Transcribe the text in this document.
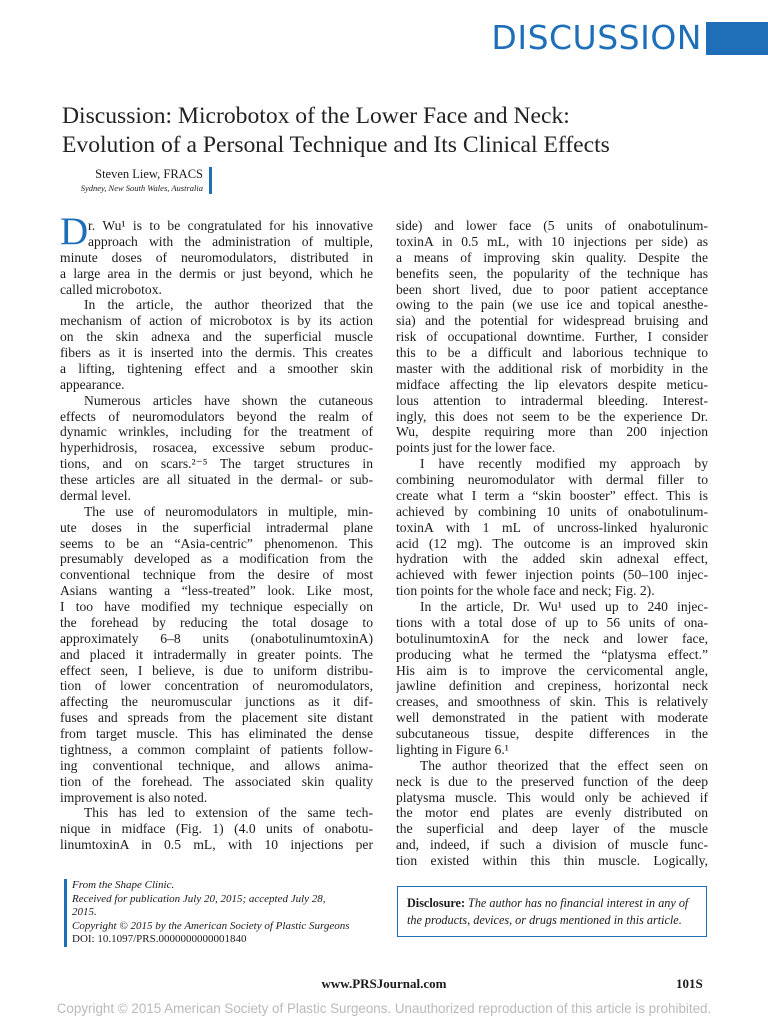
DISCUSSION
Discussion: Microbotox of the Lower Face and Neck:
Evolution of a Personal Technique and Its Clinical Effects
Steven Liew, FRACS
Sydney, New South Wales, Australia
D r. Wu¹ is to be congratulated for his innovative
approach with the administration of multiple,
minute doses of neuromodulators, distributed in
a large area in the dermis or just beyond, which he
called microbotox.
In the article, the author theorized that the
mechanism of action of microbotox is by its action
on the skin adnexa and the superficial muscle
fibers as it is inserted into the dermis. This creates
a lifting, tightening effect and a smoother skin
appearance.
Numerous articles have shown the cutaneous
effects of neuromodulators beyond the realm of
dynamic wrinkles, including for the treatment of
hyperhidrosis, rosacea, excessive sebum produc-
tions, and on scars.²⁻⁵ The target structures in
these articles are all situated in the dermal- or sub-
dermal level.
The use of neuromodulators in multiple, min-
ute doses in the superficial intradermal plane
seems to be an “Asia-centric” phenomenon. This
presumably developed as a modification from the
conventional technique from the desire of most
Asians wanting a “less-treated” look. Like most,
I too have modified my technique especially on
the forehead by reducing the total dosage to
approximately 6–8 units (onabotulinumtoxinA)
and placed it intradermally in greater points. The
effect seen, I believe, is due to uniform distribu-
tion of lower concentration of neuromodulators,
affecting the neuromuscular junctions as it dif-
fuses and spreads from the placement site distant
from target muscle. This has eliminated the dense
tightness, a common complaint of patients follow-
ing conventional technique, and allows anima-
tion of the forehead. The associated skin quality
improvement is also noted.
This has led to extension of the same tech-
nique in midface (Fig. 1) (4.0 units of onabotu-
linumtoxinA in 0.5 mL, with 10 injections per
side) and lower face (5 units of onabotulinum-
toxinA in 0.5 mL, with 10 injections per side) as
a means of improving skin quality. Despite the
benefits seen, the popularity of the technique has
been short lived, due to poor patient acceptance
owing to the pain (we use ice and topical anesthe-
sia) and the potential for widespread bruising and
risk of occupational downtime. Further, I consider
this to be a difficult and laborious technique to
master with the additional risk of morbidity in the
midface affecting the lip elevators despite meticu-
lous attention to intradermal bleeding. Interest-
ingly, this does not seem to be the experience Dr.
Wu, despite requiring more than 200 injection
points just for the lower face.
I have recently modified my approach by
combining neuromodulator with dermal filler to
create what I term a “skin booster” effect. This is
achieved by combining 10 units of onabotulinum-
toxinA with 1 mL of uncross-linked hyaluronic
acid (12 mg). The outcome is an improved skin
hydration with the added skin adnexal effect,
achieved with fewer injection points (50–100 injec-
tion points for the whole face and neck; Fig. 2).
In the article, Dr. Wu¹ used up to 240 injec-
tions with a total dose of up to 56 units of ona-
botulinumtoxinA for the neck and lower face,
producing what he termed the “platysma effect.”
His aim is to improve the cervicomental angle,
jawline definition and crepiness, horizontal neck
creases, and smoothness of skin. This is relatively
well demonstrated in the patient with moderate
subcutaneous tissue, despite differences in the
lighting in Figure 6.¹
The author theorized that the effect seen on
neck is due to the preserved function of the deep
platysma muscle. This would only be achieved if
the motor end plates are evenly distributed on
the superficial and deep layer of the muscle
and, indeed, if such a division of muscle func-
tion existed within this thin muscle. Logically,
From the Shape Clinic.
Received for publication July 20, 2015; accepted July 28,
2015.
Copyright © 2015 by the American Society of Plastic Surgeons
DOI: 10.1097/PRS.0000000000001840
Disclosure: The author has no financial interest in any of the products, devices, or drugs mentioned in this article.
www.PRSJournal.com	101S
Copyright © 2015 American Society of Plastic Surgeons. Unauthorized reproduction of this article is prohibited.
